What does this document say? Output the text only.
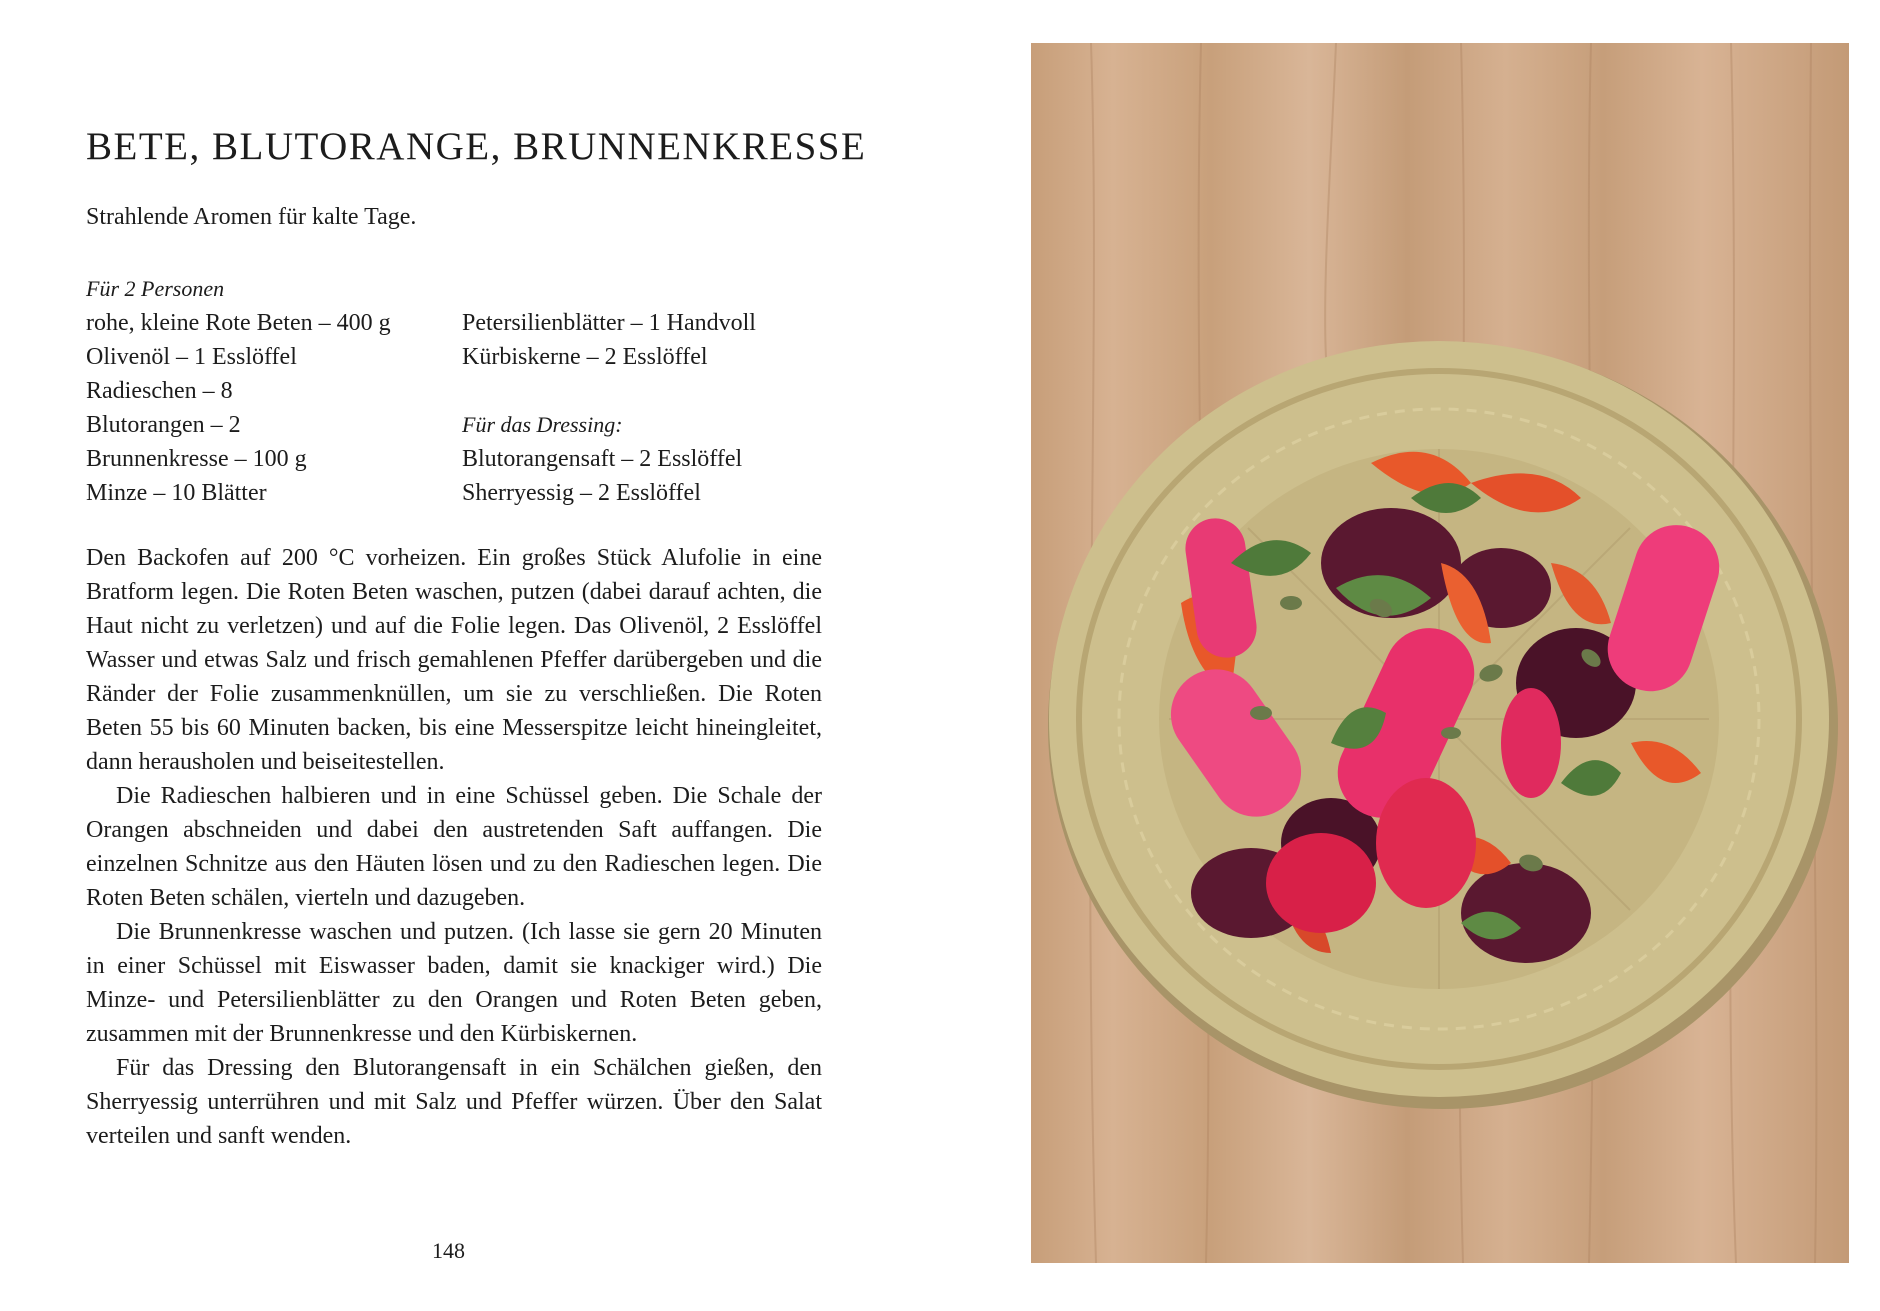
BETE, BLUTORANGE, BRUNNENKRESSE

Strahlende Aromen für kalte Tage.

Für 2 Personen
rohe, kleine Rote Beten – 400 g
Olivenöl – 1 Esslöffel
Radieschen – 8
Blutorangen – 2
Brunnenkresse – 100 g
Minze – 10 Blätter
Petersilienblätter – 1 Handvoll
Kürbiskerne – 2 Esslöffel
Für das Dressing:
Blutorangensaft – 2 Esslöffel
Sherryessig – 2 Esslöffel

Den Backofen auf 200 °C vorheizen. Ein großes Stück Alufolie in eine Bratform legen. Die Roten Beten waschen, putzen (dabei darauf achten, die Haut nicht zu verletzen) und auf die Folie legen. Das Olivenöl, 2 Esslöffel Wasser und etwas Salz und frisch gemahlenen Pfeffer darübergeben und die Ränder der Folie zusammenknüllen, um sie zu verschließen. Die Roten Beten 55 bis 60 Minuten backen, bis eine Messerspitze leicht hineingleitet, dann herausholen und beiseitestellen.

Die Radieschen halbieren und in eine Schüssel geben. Die Schale der Orangen abschneiden und dabei den austretenden Saft auffangen. Die einzelnen Schnitze aus den Häuten lösen und zu den Radieschen legen. Die Roten Beten schälen, vierteln und dazugeben.

Die Brunnenkresse waschen und putzen. (Ich lasse sie gern 20 Minuten in einer Schüssel mit Eiswasser baden, damit sie knackiger wird.) Die Minze- und Petersilienblätter zu den Orangen und Roten Beten geben, zusammen mit der Brunnenkresse und den Kürbiskernen.

Für das Dressing den Blutorangensaft in ein Schälchen gießen, den Sherryessig unterrühren und mit Salz und Pfeffer würzen. Über den Salat verteilen und sanft wenden.

148
